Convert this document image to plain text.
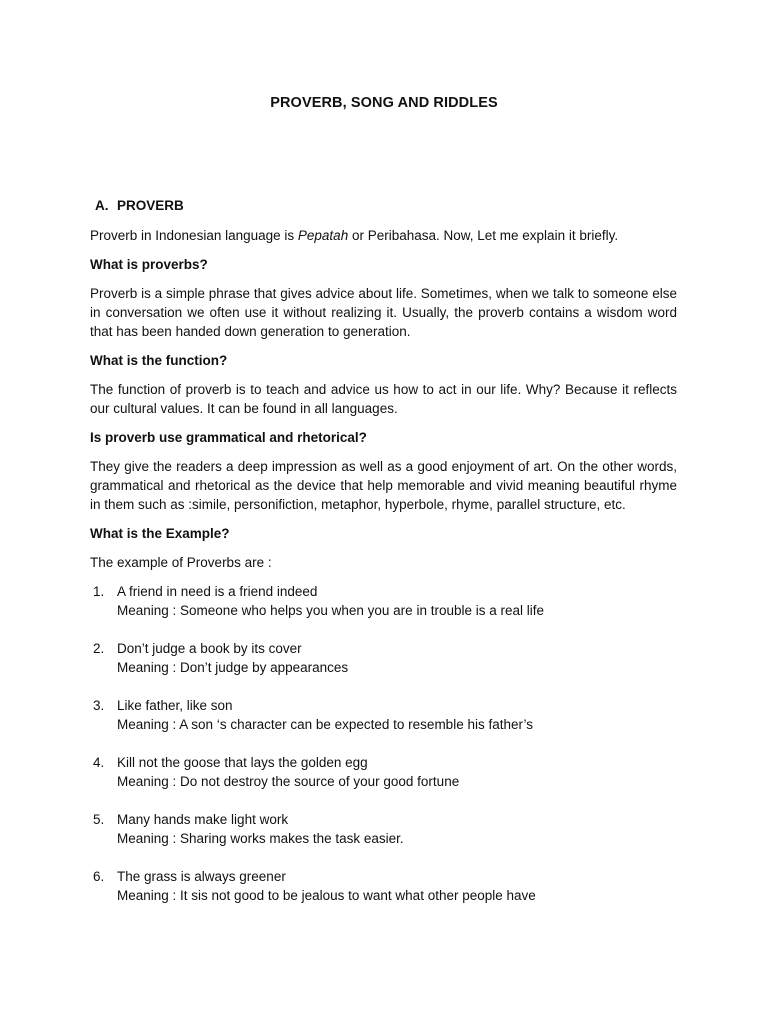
PROVERB, SONG AND RIDDLES
A. PROVERB

Proverb in Indonesian language is Pepatah or Peribahasa. Now, Let me explain it briefly.

What is proverbs?

Proverb is a simple phrase that gives advice about life. Sometimes, when we talk to someone else in conversation we often use it without realizing it. Usually, the proverb contains a wisdom word that has been handed down generation to generation.

What is the function?

The function of proverb is to teach and advice us how to act in our life. Why? Because it reflects our cultural values. It can be found in all languages.

Is proverb use grammatical and rhetorical?

They give the readers a deep impression as well as a good enjoyment of art. On the other words, grammatical and rhetorical as the device that help memorable and vivid meaning beautiful rhyme in them such as :simile, personifiction, metaphor, hyperbole, rhyme, parallel structure, etc.

What is the Example?

The example of Proverbs are :

1. A friend in need is a friend indeed
Meaning : Someone who helps you when you are in trouble is a real life
2. Don’t judge a book by its cover
Meaning : Don’t judge by appearances
3. Like father, like son
Meaning : A son ‘s character can be expected to resemble his father’s
4. Kill not the goose that lays the golden egg
Meaning : Do not destroy the source of your good fortune
5. Many hands make light work
Meaning : Sharing works makes the task easier.
6. The grass is always greener
Meaning : It sis not good to be jealous to want what other people have
